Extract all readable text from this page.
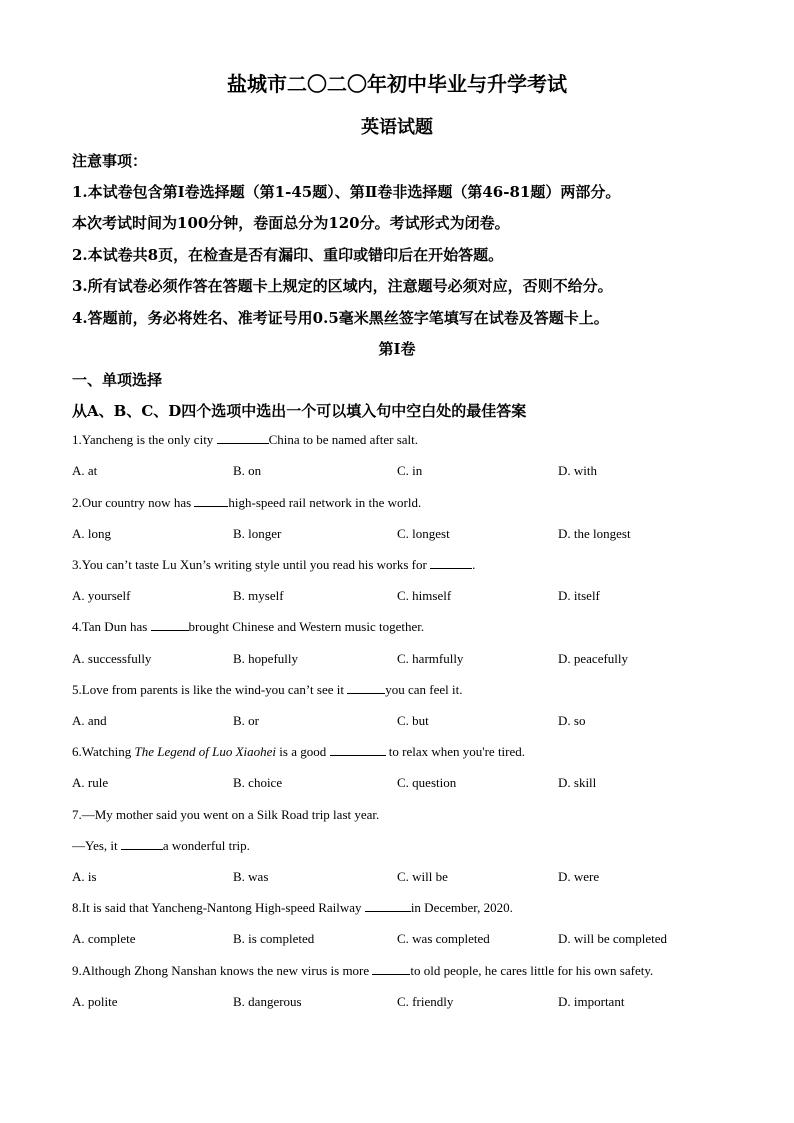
盐城市二〇二〇年初中毕业与升学考试
英语试题
注意事项：
1.本试卷包含第Ⅰ卷选择题（第1-45题）、第Ⅱ卷非选择题（第46-81题）两部分。
本次考试时间为100分钟，卷面总分为120分。考试形式为闭卷。
2.本试卷共8页，在检查是否有漏印、重印或错印后在开始答题。
3.所有试卷必须作答在答题卡上规定的区域内，注意题号必须对应，否则不给分。
4.答题前，务必将姓名、准考证号用0.5毫米黑丝签字笔填写在试卷及答题卡上。
第Ⅰ卷
一、单项选择
从A、B、C、D四个选项中选出一个可以填入句中空白处的最佳答案
1.Yancheng is the only city	China to be named after salt.
A. at	B. on	C. in	D. with
2.Our country now has	high-speed rail network in the world.
A. long	B. longer	C. longest	D. the longest
3.You can’t taste Lu Xun’s writing style until you read his works for	.
A. yourself	B. myself	C. himself	D. itself
4.Tan Dun has	brought Chinese and Western music together.
A. successfully	B. hopefully	C. harmfully	D. peacefully
5.Love from parents is like the wind-you can’t see it	you can feel it.
A. and	B. or	C. but	D. so
6.Watching The Legend of Luo Xiaohei is a good	to relax when you're tired.
A. rule	B. choice	C. question	D. skill
7.—My mother said you went on a Silk Road trip last year.
—Yes, it	a wonderful trip.
A. is	B. was	C. will be	D. were
8.It is said that Yancheng-Nantong High-speed Railway	in December, 2020.
A. complete	B. is completed	C. was completed	D. will be completed
9.Although Zhong Nanshan knows the new virus is more	to old people, he cares little for his own safety.
A. polite	B. dangerous	C. friendly	D. important
